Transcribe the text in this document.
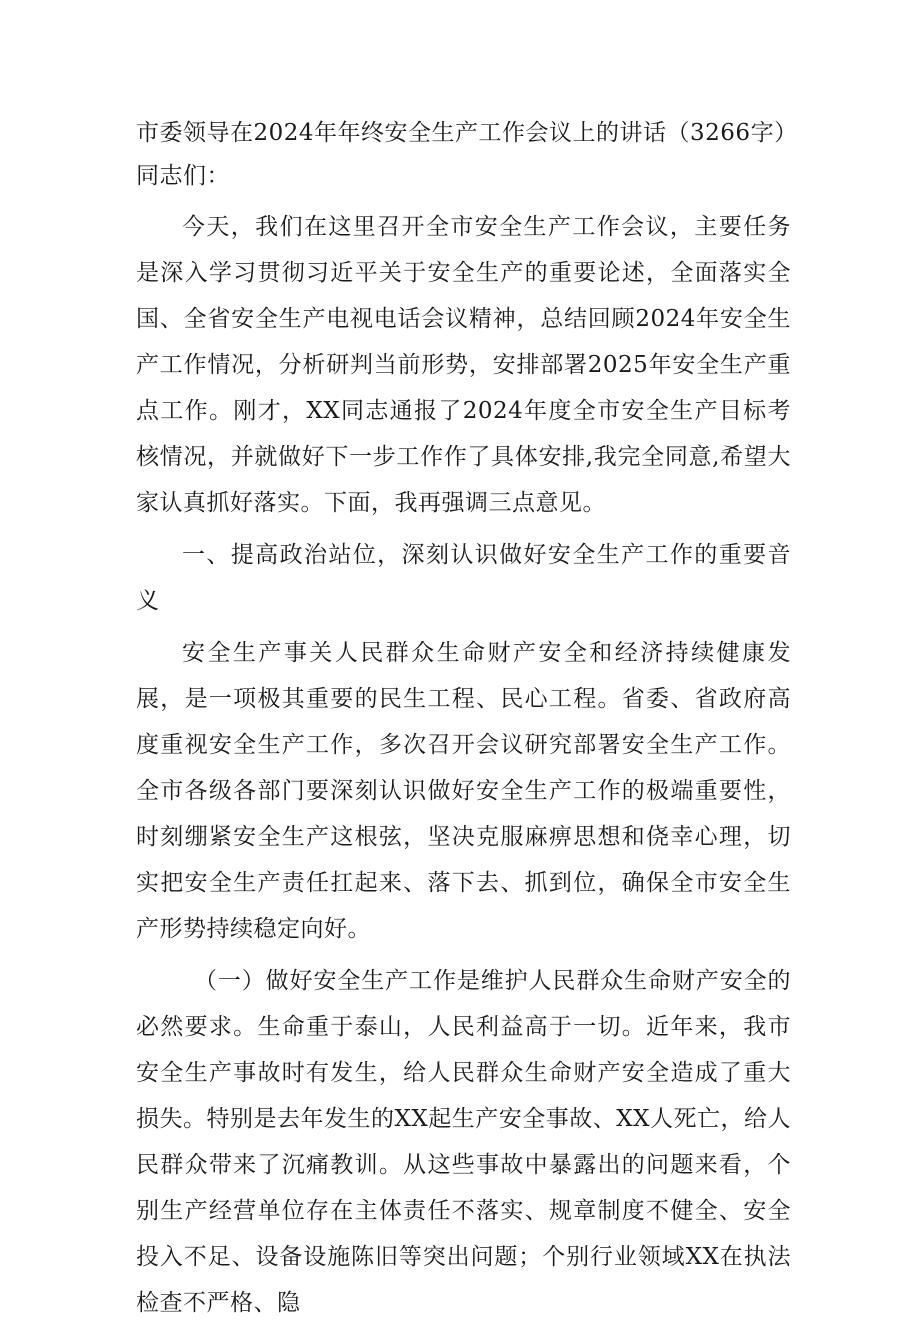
市委领导在2024年年终安全生产工作会议上的讲话（3266字）

同志们：

今天，我们在这里召开全市安全生产工作会议，主要任务是深入学习贯彻习近平关于安全生产的重要论述，全面落实全国、全省安全生产电视电话会议精神，总结回顾2024年安全生产工作情况，分析研判当前形势，安排部署2025年安全生产重点工作。刚才，XX同志通报了2024年度全市安全生产目标考核情况，并就做好下一步工作作了具体安排,我完全同意,希望大家认真抓好落实。下面，我再强调三点意见。

一、提高政治站位，深刻认识做好安全生产工作的重要音义

安全生产事关人民群众生命财产安全和经济持续健康发展，是一项极其重要的民生工程、民心工程。省委、省政府高度重视安全生产工作，多次召开会议研究部署安全生产工作。全市各级各部门要深刻认识做好安全生产工作的极端重要性，时刻绷紧安全生产这根弦，坚决克服麻痹思想和侥幸心理，切实把安全生产责任扛起来、落下去、抓到位，确保全市安全生产形势持续稳定向好。

（一）做好安全生产工作是维护人民群众生命财产安全的必然要求。生命重于泰山，人民利益高于一切。近年来，我市安全生产事故时有发生，给人民群众生命财产安全造成了重大损失。特别是去年发生的XX起生产安全事故、XX人死亡，给人民群众带来了沉痛教训。从这些事故中暴露出的问题来看，个别生产经营单位存在主体责任不落实、规章制度不健全、安全投入不足、设备设施陈旧等突出问题；个别行业领域XX在执法检查不严格、隐
